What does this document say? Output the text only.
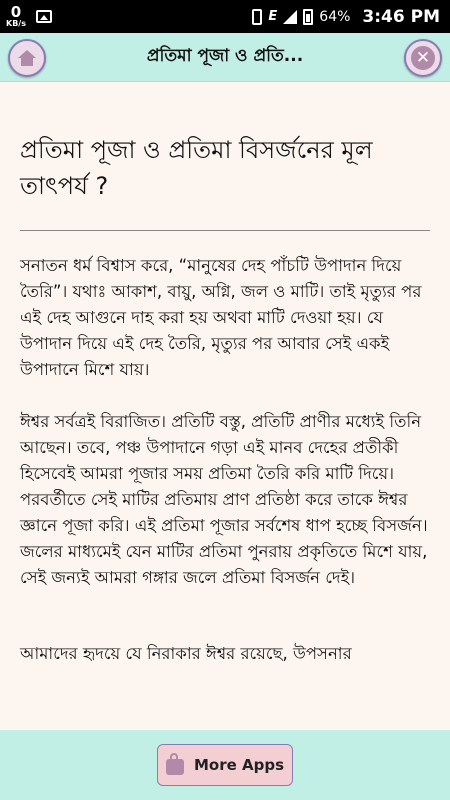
0
KB/s	E	64% 3:46 PM
প্রতিমা পূজা ও প্রতি...	✕
প্রতিমা পূজা ও প্রতিমা বিসর্জনের মূল তাৎপর্য ?

সনাতন ধর্ম বিশ্বাস করে, “মানুষের দেহ পাঁচটি উপাদান দিয়ে তৈরি”। যথাঃ আকাশ, বায়ু, অগ্নি, জল ও মাটি। তাই মৃত্যুর পর এই দেহ আগুনে দাহ করা হয় অথবা মাটি দেওয়া হয়। যে উপাদান দিয়ে এই দেহ তৈরি, মৃত্যুর পর আবার সেই একই উপাদানে মিশে যায়।

ঈশ্বর সর্বত্রই বিরাজিত। প্রতিটি বস্তু, প্রতিটি প্রাণীর মধ্যেই তিনি আছেন। তবে, পঞ্চ উপাদানে গড়া এই মানব দেহের প্রতীকী হিসেবেই আমরা পূজার সময় প্রতিমা তৈরি করি মাটি দিয়ে। পরবর্তীতে সেই মাটির প্রতিমায় প্রাণ প্রতিষ্ঠা করে তাকে ঈশ্বর জ্ঞানে পূজা করি। এই প্রতিমা পূজার সর্বশেষ ধাপ হচ্ছে বিসর্জন। জলের মাধ্যমেই যেন মাটির প্রতিমা পুনরায় প্রকৃতিতে মিশে যায়, সেই জন্যই আমরা গঙ্গার জলে প্রতিমা বিসর্জন দেই।

আমাদের হৃদয়ে যে নিরাকার ঈশ্বর রয়েছে, উপসনার

More Apps
